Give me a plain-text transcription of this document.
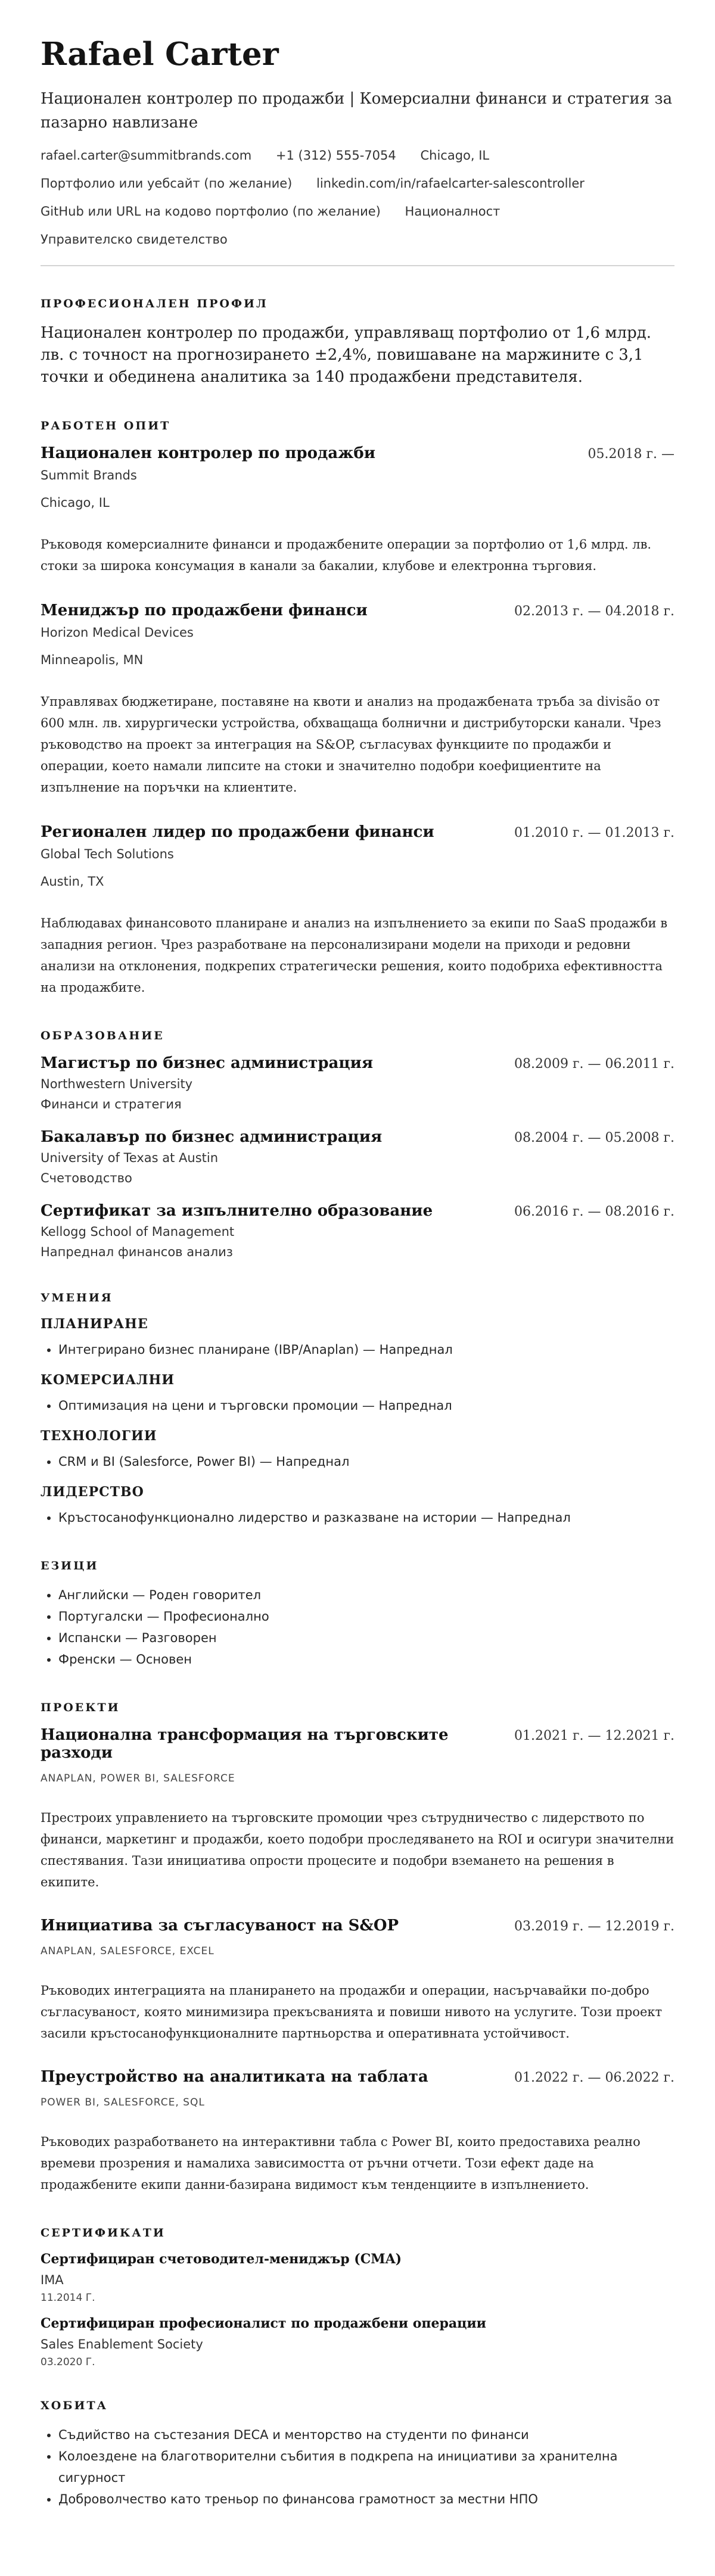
Rafael Carter
Национален контролер по продажби | Комерсиални финанси и стратегия за пазарно навлизане
rafael.carter@summitbrands.com +1 (312) 555-7054 Chicago, IL
Портфолио или уебсайт (по желание) linkedin.com/in/rafaelcarter-salescontroller
GitHub или URL на кодово портфолио (по желание) Националност
Управителско свидетелство
ПРОФЕСИОНАЛЕН ПРОФИЛ
Национален контролер по продажби, управляващ портфолио от 1,6 млрд. лв. с точност на прогнозирането ±2,4%, повишаване на маржините с 3,1 точки и обединена аналитика за 140 продажбени представителя.
РАБОТЕН ОПИТ
Национален контролер по продажби	05.2018 г. —
Summit Brands
Chicago, IL
Ръководя комерсиалните финанси и продажбените операции за портфолио от 1,6 млрд. лв. стоки за широка консумация в канали за бакалии, клубове и електронна търговия.
Мениджър по продажбени финанси	02.2013 г. — 04.2018 г.
Horizon Medical Devices
Minneapolis, MN
Управлявах бюджетиране, поставяне на квоти и анализ на продажбената тръба за divisão от 600 млн. лв. хирургически устройства, обхващаща болнични и дистрибуторски канали. Чрез ръководство на проект за интеграция на S&OP, съгласувах функциите по продажби и операции, което намали липсите на стоки и значително подобри коефициентите на изпълнение на поръчки на клиентите.
Регионален лидер по продажбени финанси	01.2010 г. — 01.2013 г.
Global Tech Solutions
Austin, TX
Наблюдавах финансовото планиране и анализ на изпълнението за екипи по SaaS продажби в западния регион. Чрез разработване на персонализирани модели на приходи и редовни анализи на отклонения, подкрепих стратегически решения, които подобриха ефективността на продажбите.
ОБРАЗОВАНИЕ
Магистър по бизнес администрация	08.2009 г. — 06.2011 г.
Northwestern University
Финанси и стратегия
Бакалавър по бизнес администрация	08.2004 г. — 05.2008 г.
University of Texas at Austin
Счетоводство
Сертификат за изпълнително образование	06.2016 г. — 08.2016 г.
Kellogg School of Management
Напреднал финансов анализ
УМЕНИЯ
ПЛАНИРАНЕ
• Интегрирано бизнес планиране (IBP/Anaplan) — Напреднал
КОМЕРСИАЛНИ
• Оптимизация на цени и търговски промоции — Напреднал
ТЕХНОЛОГИИ
• CRM и BI (Salesforce, Power BI) — Напреднал
ЛИДЕРСТВО
• Кръстосанофункционално лидерство и разказване на истории — Напреднал
ЕЗИЦИ
• Английски — Роден говорител
• Португалски — Професионално
• Испански — Разговорен
• Френски — Основен
ПРОЕКТИ
Национална трансформация на търговските разходи
01.2021 г. — 12.2021 г.
ANAPLAN, POWER BI, SALESFORCE
Престроих управлението на търговските промоции чрез сътрудничество с лидерството по финанси, маркетинг и продажби, което подобри проследяването на ROI и осигури значителни спестявания. Тази инициатива опрости процесите и подобри вземането на решения в екипите.
Инициатива за съгласуваност на S&OP	03.2019 г. — 12.2019 г.
ANAPLAN, SALESFORCE, EXCEL
Ръководих интеграцията на планирането на продажби и операции, насърчавайки по-добро съгласуваност, която минимизира прекъсванията и повиши нивото на услугите. Този проект засили кръстосанофункционалните партньорства и оперативната устойчивост.
Преустройство на аналитиката на таблата	01.2022 г. — 06.2022 г.
POWER BI, SALESFORCE, SQL
Ръководих разработването на интерактивни табла с Power BI, които предоставиха реално времеви прозрения и намалиха зависимостта от ръчни отчети. Този ефект даде на продажбените екипи данни-базирана видимост към тенденциите в изпълнението.
СЕРТИФИКАТИ
Сертифициран счетоводител-мениджър (CMA)
IMA
11.2014 Г.
Сертифициран професионалист по продажбени операции
Sales Enablement Society
03.2020 Г.
ХОБИТА
• Съдийство на състезания DECA и менторство на студенти по финанси
• Колоездене на благотворителни събития в подкрепа на инициативи за хранителна сигурност
• Доброволчество като треньор по финансова грамотност за местни НПО
